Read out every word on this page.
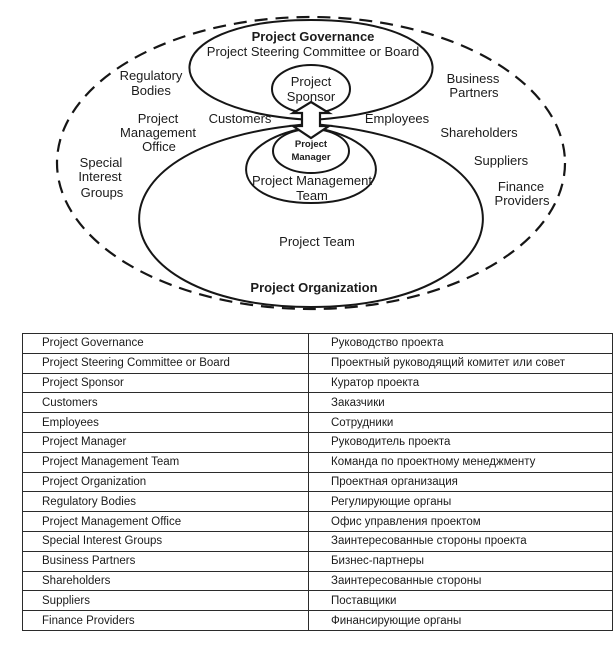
Project Governance
Project Steering Committee or Board
Project
Sponsor
Project
Manager
Project Management
Team
Project Team
Project Organization
Regulatory
Bodies
Project
Management
Office
Special
Interest
Groups
Customers	Employees
Business
Partners
Shareholders
Suppliers
Finance
Providers
Project Governance	Руководство проекта
Project Steering Committee or Board	Проектный руководящий комитет или совет
Project Sponsor	Куратор проекта
Customers	Заказчики
Employees	Сотрудники
Project Manager	Руководитель проекта
Project Management Team	Команда по проектному менеджменту
Project Organization	Проектная организация
Regulatory Bodies	Регулирующие органы
Project Management Office	Офис управления проектом
Special Interest Groups	Заинтересованные стороны проекта
Business Partners	Бизнес-партнеры
Shareholders	Заинтересованные стороны
Suppliers	Поставщики
Finance Providers	Финансирующие органы
